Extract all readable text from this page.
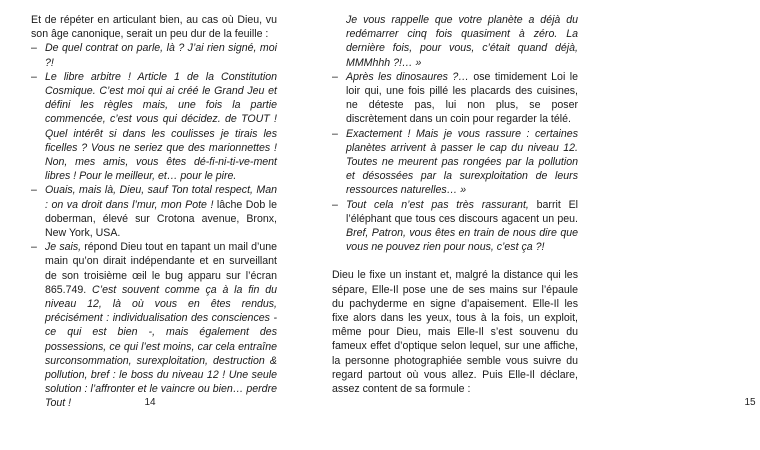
Et de répéter en articulant bien, au cas où Dieu, vu son âge canonique, serait un peu dur de la feuille :

– De quel contrat on parle, là ? J’ai rien signé, moi ?!

– Le libre arbitre ! Article 1 de la Constitution Cosmique. C’est moi qui ai créé le Grand Jeu et défini les règles mais, une fois la partie commencée, c’est vous qui décidez. de TOUT ! Quel intérêt si dans les coulisses je tirais les ficelles ? Vous ne seriez que des marionnettes ! Non, mes amis, vous êtes dé-fi-ni-ti-ve-ment libres ! Pour le meilleur, et… pour le pire.

– Ouais, mais là, Dieu, sauf Ton total respect, Man : on va droit dans l’mur, mon Pote ! lâche Dob le doberman, élevé sur Crotona avenue, Bronx, New York, USA.

– Je sais, répond Dieu tout en tapant un mail d’une main qu’on dirait indépendante et en surveillant de son troisième œil le bug apparu sur l’écran 865.749. C’est souvent comme ça à la fin du niveau 12, là où vous en êtes rendus, précisément : individualisation des consciences - ce qui est bien -, mais également des possessions, ce qui l’est moins, car cela entraîne surconsommation, surexploitation, destruction & pollution, bref : le boss du niveau 12 ! Une seule solution : l’affronter et le vaincre ou bien… perdre Tout !	14	15

Je vous rappelle que votre planète a déjà du redémarrer cinq fois quasiment à zéro. La dernière fois, pour vous, c’était quand déjà, MMMhhh ?!… »

– Après les dinosaures ?… ose timidement Loi le loir qui, une fois pillé les placards des cuisines, ne déteste pas, lui non plus, se poser discrètement dans un coin pour regarder la télé.

– Exactement ! Mais je vous rassure : certaines planètes arrivent à passer le cap du niveau 12. Toutes ne meurent pas rongées par la pollution et désossées par la surexploitation de leurs ressources naturelles… »

– Tout cela n’est pas très rassurant, barrit El l’éléphant que tous ces discours agacent un peu. Bref, Patron, vous êtes en train de nous dire que vous ne pouvez rien pour nous, c’est ça ?!

Dieu le fixe un instant et, malgré la distance qui les sépare, Elle-Il pose une de ses mains sur l’épaule du pachyderme en signe d’apaisement. Elle-Il les fixe alors dans les yeux, tous à la fois, un exploit, même pour Dieu, mais Elle-Il s’est souvenu du fameux effet d’optique selon lequel, sur une affiche, la personne photographiée semble vous suivre du regard partout où vous allez. Puis Elle-Il déclare, assez content de sa formule :
